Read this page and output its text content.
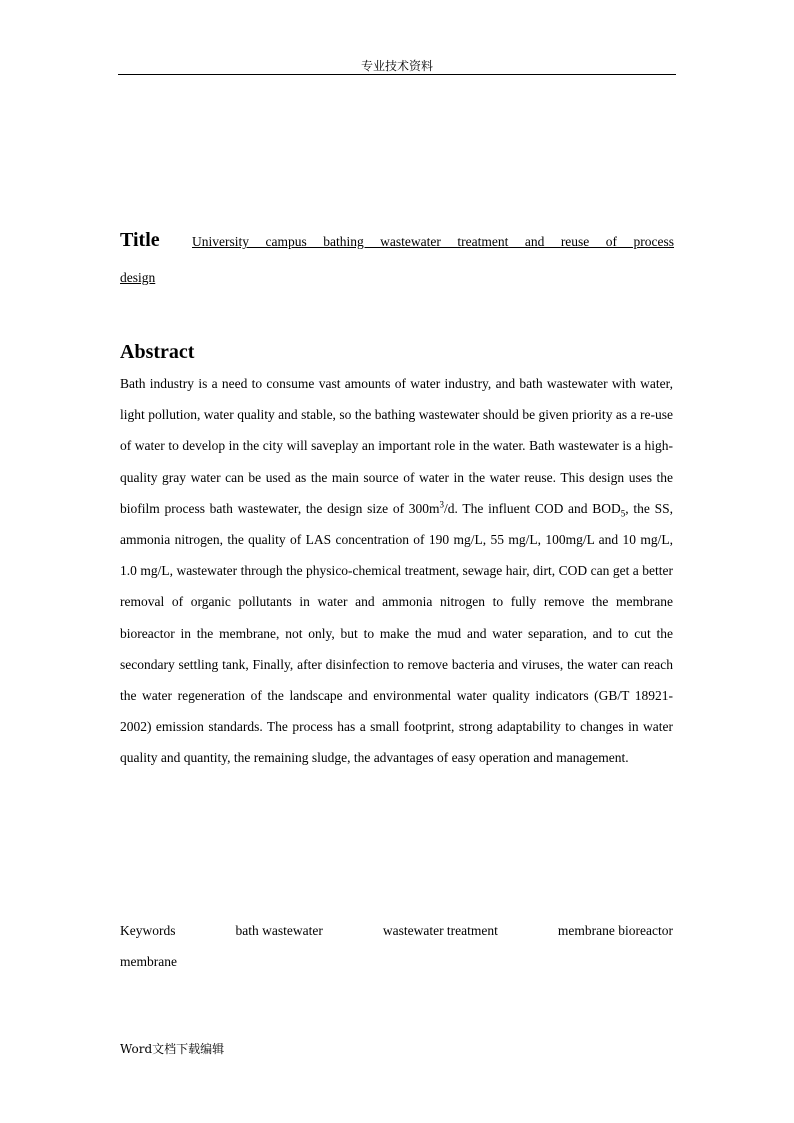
专业技术资料
Title	University campus bathing wastewater treatment and reuse of process
design
Abstract

Bath industry is a need to consume vast amounts of water industry, and bath wastewater with water, light pollution, water quality and stable, so the bathing wastewater should be given priority as a re-use of water to develop in the city will saveplay an important role in the water. Bath wastewater is a high-quality gray water can be used as the main source of water in the water reuse. This design uses the biofilm process bath wastewater, the design size of $300m^3/d$. The influent COD and $BOD_5$, the SS, ammonia nitrogen, the quality of LAS concentration of 190 mg/L, 55 mg/L, 100mg/L and 10 mg/L, 1.0 mg/L, wastewater through the physico-chemical treatment, sewage hair, dirt, COD can get a better removal of organic pollutants in water and ammonia nitrogen to fully remove the membrane bioreactor in the membrane, not only, but to make the mud and water separation, and to cut the secondary settling tank, Finally, after disinfection to remove bacteria and viruses, the water can reach the water regeneration of the landscape and environmental water quality indicators (GB/T 18921-2002) emission standards. The process has a small footprint, strong adaptability to changes in water quality and quantity, the remaining sludge, the advantages of easy operation and management.

Keywords	bath wastewater	wastewater treatment	membrane bioreactor
membrane
Word文档下载编辑
